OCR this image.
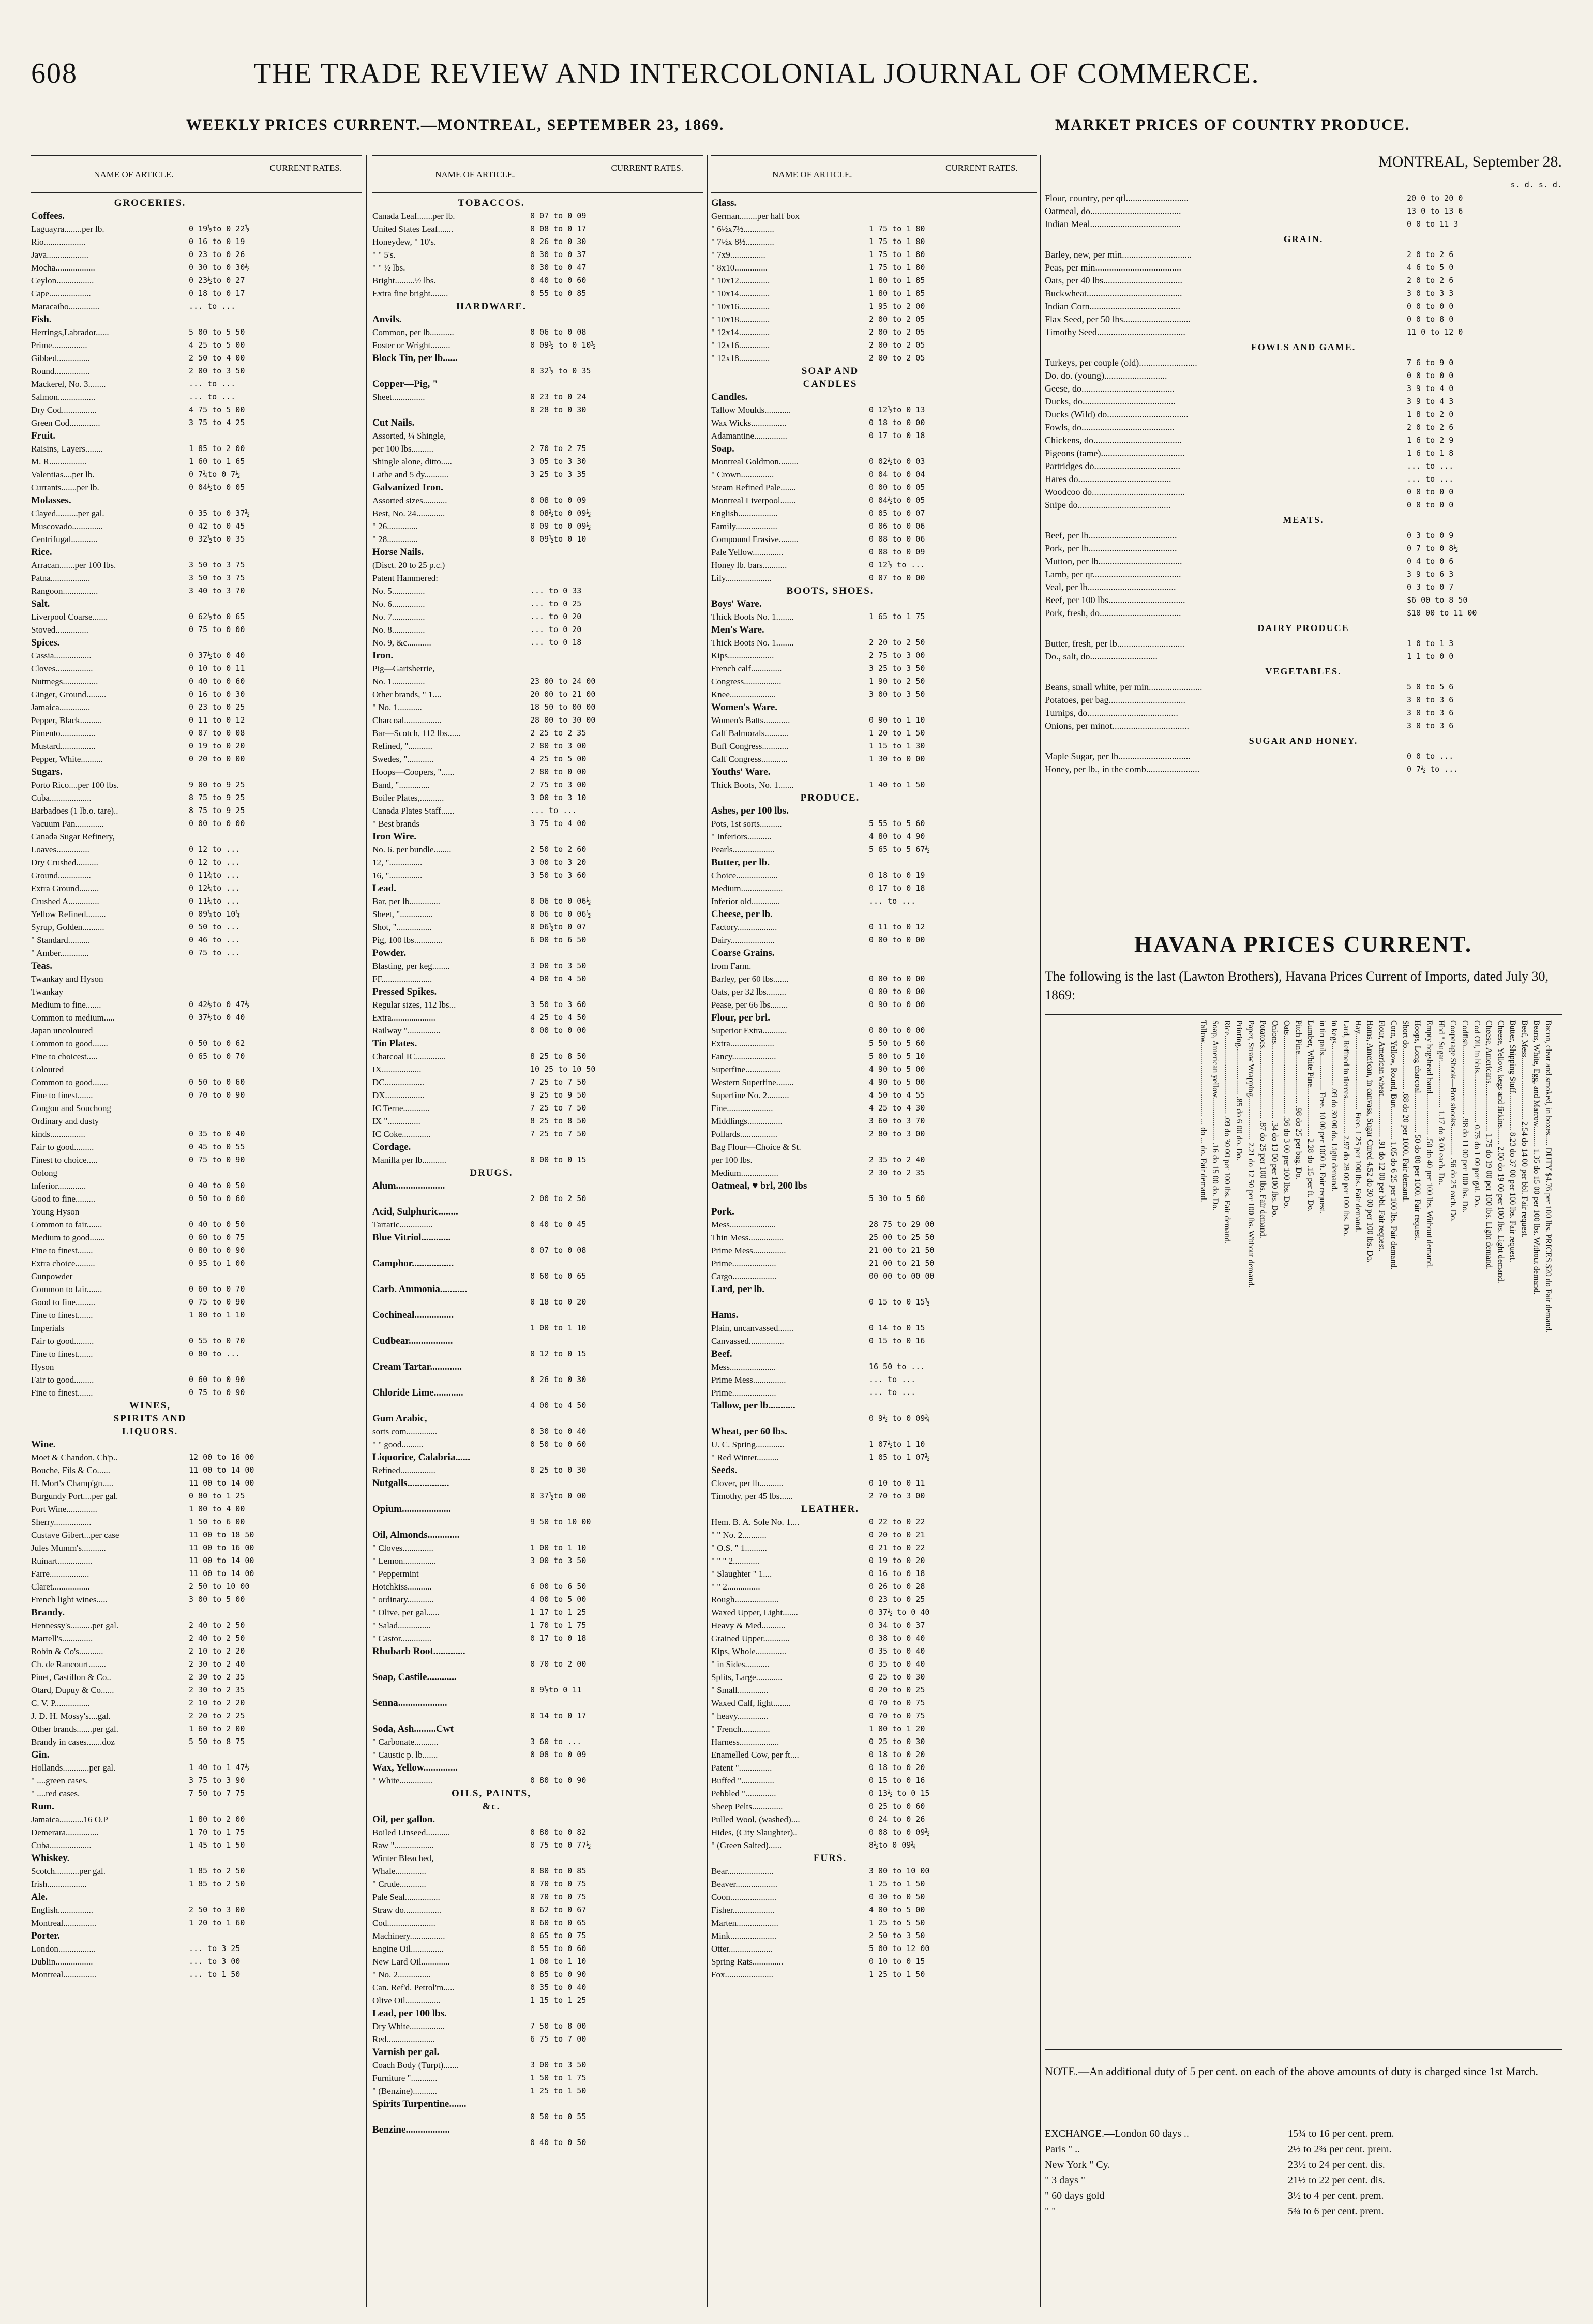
608	THE TRADE REVIEW AND INTERCOLONIAL JOURNAL OF COMMERCE.
WEEKLY PRICES CURRENT.—MONTREAL, SEPTEMBER 23, 1869.	MARKET PRICES OF COUNTRY PRODUCE.
NAME OF ARTICLE.
CURRENT RATES.
NAME OF ARTICLE.
CURRENT RATES.
NAME OF ARTICLE.
CURRENT RATES.
GROCERIES.
Coffees.
Laguayra........per lb.	0 19½to 0 22½
Rio...................	0 16 to 0 19
Java...................	0 23 to 0 26
Mocha..................	0 30 to 0 30½
Ceylon.................	0 23½to 0 27
Cape...................	0 18 to 0 17
Maracaibo..............	... to ...
Fish.
Herrings,Labrador......	5 00 to 5 50
Prime................	4 25 to 5 00
Gibbed...............	2 50 to 4 00
Round................	2 00 to 3 50
Mackerel, No. 3........	... to ...
Salmon.................	... to ...
Dry Cod................	4 75 to 5 00
Green Cod..............	3 75 to 4 25
Fruit.
Raisins, Layers........	1 85 to 2 00
M. R.................	1 60 to 1 65
Valentias....per lb.	0 7¼to 0 7½
Currants.......per lb.	0 04½to 0 05
Molasses.
Clayed..........per gal.	0 35 to 0 37½
Muscovado..............	0 42 to 0 45
Centrifugal............	0 32½to 0 35
Rice.
Arracan.......per 100 lbs.	3 50 to 3 75
Patna..................	3 50 to 3 75
Rangoon................	3 40 to 3 70
Salt.
Liverpool Coarse.......	0 62½to 0 65
Stoved...............	0 75 to 0 00
Spices.
Cassia.................	0 37½to 0 40
Cloves.................	0 10 to 0 11
Nutmegs................	0 40 to 0 60
Ginger, Ground.........	0 16 to 0 30
Jamaica..............	0 23 to 0 25
Pepper, Black..........	0 11 to 0 12
Pimento................	0 07 to 0 08
Mustard................	0 19 to 0 20
Pepper, White..........	0 20 to 0 00
Sugars.
Porto Rico....per 100 lbs.	9 00 to 9 25
Cuba...................	8 75 to 9 25
Barbadoes (1 lb.o. tare)..	8 75 to 9 25
Vacuum Pan.............	0 00 to 0 00
Canada Sugar Refinery,
Loaves...............	0 12 to ...
Dry Crushed..........	0 12 to ...
Ground...............	0 11¾to ...
Extra Ground.........	0 12¼to ...
Crushed A..............	0 11¼to ...
Yellow Refined.........	0 09¼to 10¼
Syrup, Golden..........	0 50 to ...
" Standard..........	0 46 to ...
" Amber.............	0 75 to ...
Teas.
Twankay and Hyson
Twankay
Medium to fine.......	0 42½to 0 47½
Common to medium.....	0 37½to 0 40
Japan uncoloured
Common to good.......	0 50 to 0 62
Fine to choicest.....	0 65 to 0 70
Coloured
Common to good.......	0 50 to 0 60
Fine to finest.......	0 70 to 0 90
Congou and Souchong
Ordinary and dusty
kinds................	0 35 to 0 40
Fair to good.........	0 45 to 0 55
Finest to choice.....	0 75 to 0 90
Oolong
Inferior.............	0 40 to 0 50
Good to fine.........	0 50 to 0 60
Young Hyson
Common to fair.......	0 40 to 0 50
Medium to good.......	0 60 to 0 75
Fine to finest.......	0 80 to 0 90
Extra choice.........	0 95 to 1 00
Gunpowder
Common to fair.......	0 60 to 0 70
Good to fine.........	0 75 to 0 90
Fine to finest.......	1 00 to 1 10
Imperials
Fair to good.........	0 55 to 0 70
Fine to finest.......	0 80 to ...
Hyson
Fair to good.........	0 60 to 0 90
Fine to finest.......	0 75 to 0 90
WINES,
SPIRITS AND
LIQUORS.
Wine.
Moet & Chandon, Ch'p..	12 00 to 16 00
Bouche, Fils & Co......	11 00 to 14 00
H. Mort's Champ'gn.....	11 00 to 14 00
Burgundy Port....per gal.	0 80 to 1 25
Port Wine..............	1 00 to 4 00
Sherry.................	1 50 to 6 00
Custave Gibert...per case	11 00 to 18 50
Jules Mumm's...........	11 00 to 16 00
Ruinart................	11 00 to 14 00
Farre..................	11 00 to 14 00
Claret.................	2 50 to 10 00
French light wines.....	3 00 to 5 00
Brandy.
Hennessy's..........per gal.	2 40 to 2 50
Martell's..............	2 40 to 2 50
Robin & Co's...........	2 10 to 2 20
Ch. de Rancourt........	2 30 to 2 40
Pinet, Castillon & Co..	2 30 to 2 35
Otard, Dupuy & Co......	2 30 to 2 35
C. V. P................	2 10 to 2 20
J. D. H. Mossy's....gal.	2 20 to 2 25
Other brands.......per gal.	1 60 to 2 00
Brandy in cases.......doz	5 50 to 8 75
Gin.
Hollands............per gal.	1 40 to 1 47½
" ....green cases.	3 75 to 3 90
" ....red cases.	7 50 to 7 75
Rum.
Jamaica...........16 O.P	1 80 to 2 00
Demerara...............	1 70 to 1 75
Cuba...................	1 45 to 1 50
Whiskey.
Scotch...........per gal.	1 85 to 2 50
Irish..................	1 85 to 2 50
Ale.
English................	2 50 to 3 00
Montreal...............	1 20 to 1 60
Porter.
London.................	... to 3 25
Dublin.................	... to 3 00
Montreal...............	... to 1 50
TOBACCOS.
Canada Leaf.......per lb.	0 07 to 0 09
United States Leaf.......	0 08 to 0 17
Honeydew, " 10's.	0 26 to 0 30
" " 5's.	0 30 to 0 37
" " ½ lbs.	0 30 to 0 47
Bright.........½ lbs.	0 40 to 0 60
Extra fine bright........	0 55 to 0 85
HARDWARE.
Anvils.
Common, per lb...........	0 06 to 0 08
Foster or Wright.........	0 09½ to 0 10½
Block Tin, per lb......
0 32½ to 0 35
Copper—Pig, "
Sheet...............	0 23 to 0 24
0 28 to 0 30
Cut Nails.
Assorted, ¼ Shingle,
per 100 lbs..........	2 70 to 2 75
Shingle alone, ditto.....	3 05 to 3 30
Lathe and 5 dy...........	3 25 to 3 35
Galvanized Iron.
Assorted sizes...........	0 08 to 0 09
Best, No. 24.............	0 08½to 0 09½
" 26..............	0 09 to 0 09½
" 28..............	0 09½to 0 10
Horse Nails.
(Disct. 20 to 25 p.c.)
Patent Hammered:
No. 5...............	... to 0 33
No. 6...............	... to 0 25
No. 7...............	... to 0 20
No. 8...............	... to 0 20
No. 9, &c...........	... to 0 18
Iron.
Pig—Gartsherrie,
No. 1...............	23 00 to 24 00
Other brands, " 1....	20 00 to 21 00
" No. 1...........	18 50 to 00 00
Charcoal.................	28 00 to 30 00
Bar—Scotch, 112 lbs......	2 25 to 2 35
Refined, "...........	2 80 to 3 00
Swedes, "............	4 25 to 5 00
Hoops—Coopers, "......	2 80 to 0 00
Band, "..............	2 75 to 3 00
Boiler Plates,...........	3 00 to 3 10
Canada Plates Staff......	... to ...
" Best brands	3 75 to 4 00
Iron Wire.
No. 6. per bundle........	2 50 to 2 60
12, "...............	3 00 to 3 20
16, "...............	3 50 to 3 60
Lead.
Bar, per lb..............	0 06 to 0 06½
Sheet, "...............	0 06 to 0 06½
Shot, "................	0 06½to 0 07
Pig, 100 lbs.............	6 00 to 6 50
Powder.
Blasting, per keg........	3 00 to 3 50
FF.......................	4 00 to 4 50
Pressed Spikes.
Regular sizes, 112 lbs...	3 50 to 3 60
Extra....................	4 25 to 4 50
Railway "...............	0 00 to 0 00
Tin Plates.
Charcoal IC..............	8 25 to 8 50
IX..................	10 25 to 10 50
DC..................	7 25 to 7 50
DX..................	9 25 to 9 50
IC Terne............	7 25 to 7 50
IX "...............	8 25 to 8 50
IC Coke.............	7 25 to 7 50
Cordage.
Manilla per lb...........	0 00 to 0 15
DRUGS.
Alum....................
2 00 to 2 50
Acid, Sulphuric........
Tartaric...............	0 40 to 0 45
Blue Vitriol............
0 07 to 0 08
Camphor.................
0 60 to 0 65
Carb. Ammonia...........
0 18 to 0 20
Cochineal................
1 00 to 1 10
Cudbear..................
0 12 to 0 15
Cream Tartar.............
0 26 to 0 30
Chloride Lime............
4 00 to 4 50
Gum Arabic,
sorts com..............	0 30 to 0 40
" " good..........	0 50 to 0 60
Liquorice, Calabria......
Refined................	0 25 to 0 30
Nutgalls.................
0 37½to 0 00
Opium....................
9 50 to 10 00
Oil, Almonds.............
" Cloves..............	1 00 to 1 10
" Lemon...............	3 00 to 3 50
" Peppermint
Hotchkiss...........	6 00 to 6 50
" ordinary............	4 00 to 5 00
" Olive, per gal......	1 17 to 1 25
" Salad...............	1 70 to 1 75
" Castor..............	0 17 to 0 18
Rhubarb Root.............
0 70 to 2 00
Soap, Castile............
0 9½to 0 11
Senna....................
0 14 to 0 17
Soda, Ash.........Cwt
" Carbonate...........	3 60 to ...
" Caustic p. lb.......	0 08 to 0 09
Wax, Yellow..............
" White...............	0 80 to 0 90
OILS, PAINTS,
&c.
Oil, per gallon.
Boiled Linseed...........	0 80 to 0 82
Raw "..................	0 75 to 0 77½
Winter Bleached,
Whale..............	0 80 to 0 85
" Crude............	0 70 to 0 75
Pale Seal................	0 70 to 0 75
Straw do.................	0 62 to 0 67
Cod......................	0 60 to 0 65
Machinery................	0 65 to 0 75
Engine Oil...............	0 55 to 0 60
New Lard Oil.............	1 00 to 1 10
" No. 2...............	0 85 to 0 90
Can. Ref'd. Petrol'm.....	0 35 to 0 40
Olive Oil................	1 15 to 1 25
Lead, per 100 lbs.
Dry White................	7 50 to 8 00
Red......................	6 75 to 7 00
Varnish per gal.
Coach Body (Turpt).......	3 00 to 3 50
Furniture "............	1 50 to 1 75
" (Benzine)...........	1 25 to 1 50
Spirits Turpentine.......
0 50 to 0 55
Benzine..................
0 40 to 0 50
Glass.
German........per half box
" 6½x7½..............	1 75 to 1 80
" 7½x 8½.............	1 75 to 1 80
" 7x9................	1 75 to 1 80
" 8x10...............	1 75 to 1 80
" 10x12..............	1 80 to 1 85
" 10x14..............	1 80 to 1 85
" 10x16..............	1 95 to 2 00
" 10x18..............	2 00 to 2 05
" 12x14..............	2 00 to 2 05
" 12x16..............	2 00 to 2 05
" 12x18..............	2 00 to 2 05
SOAP AND
CANDLES
Candles.
Tallow Moulds............	0 12½to 0 13
Wax Wicks................	0 18 to 0 00
Adamantine...............	0 17 to 0 18
Soap.
Montreal Goldmon.........	0 02½to 0 03
" Crown...............	0 04 to 0 04
Steam Refined Pale.......	0 00 to 0 05
Montreal Liverpool.......	0 04½to 0 05
English..................	0 05 to 0 07
Family...................	0 06 to 0 06
Compound Erasive.........	0 08 to 0 06
Pale Yellow..............	0 08 to 0 09
Honey lb. bars...........	0 12½ to ...
Lily.....................	0 07 to 0 00
BOOTS, SHOES.
Boys' Ware.
Thick Boots No. 1........	1 65 to 1 75
Men's Ware.
Thick Boots No. 1........	2 20 to 2 50
Kips.....................	2 75 to 3 00
French calf..............	3 25 to 3 50
Congress.................	1 90 to 2 50
Knee.....................	3 00 to 3 50
Women's Ware.
Women's Batts............	0 90 to 1 10
Calf Balmorals...........	1 20 to 1 50
Buff Congress............	1 15 to 1 30
Calf Congress............	1 30 to 0 00
Youths' Ware.
Thick Boots, No. 1.......	1 40 to 1 50
PRODUCE.
Ashes, per 100 lbs.
Pots, 1st sorts..........	5 55 to 5 60
" Inferiors...........	4 80 to 4 90
Pearls...................	5 65 to 5 67½
Butter, per lb.
Choice...................	0 18 to 0 19
Medium...................	0 17 to 0 18
Inferior old.............	... to ...
Cheese, per lb.
Factory..................	0 11 to 0 12
Dairy....................	0 00 to 0 00
Coarse Grains.
from Farm.
Barley, per 60 lbs.......	0 00 to 0 00
Oats, per 32 lbs.........	0 00 to 0 00
Pease, per 66 lbs........	0 90 to 0 00
Flour, per brl.
Superior Extra...........	0 00 to 0 00
Extra....................	5 50 to 5 60
Fancy....................	5 00 to 5 10
Superfine................	4 90 to 5 00
Western Superfine........	4 90 to 5 00
Superfine No. 2..........	4 50 to 4 55
Fine.....................	4 25 to 4 30
Middlings................	3 60 to 3 70
Pollards.................	2 80 to 3 00
Bag Flour—Choice & St.
per 100 lbs.	2 35 to 2 40
Medium.................	2 30 to 2 35
Oatmeal, ♥ brl, 200 lbs
5 30 to 5 60
Pork.
Mess.....................	28 75 to 29 00
Thin Mess................	25 00 to 25 50
Prime Mess...............	21 00 to 21 50
Prime....................	21 00 to 21 50
Cargo....................	00 00 to 00 00
Lard, per lb.
0 15 to 0 15½
Hams.
Plain, uncanvassed.......	0 14 to 0 15
Canvassed................	0 15 to 0 16
Beef.
Mess.....................	16 50 to ...
Prime Mess...............	... to ...
Prime....................	... to ...
Tallow, per lb...........
0 9½ to 0 09¾
Wheat, per 60 lbs.
U. C. Spring.............	1 07½to 1 10
" Red Winter..........	1 05 to 1 07½
Seeds.
Clover, per lb...........	0 10 to 0 11
Timothy, per 45 lbs......	2 70 to 3 00
LEATHER.
Hem. B. A. Sole No. 1....	0 22 to 0 22
" " No. 2...........	0 20 to 0 21
" O.S. " 1..........	0 21 to 0 22
" " " 2............	0 19 to 0 20
" Slaughter " 1....	0 16 to 0 18
" " 2...............	0 26 to 0 28
Rough....................	0 23 to 0 25
Waxed Upper, Light.......	0 37½ to 0 40
Heavy & Med...........	0 34 to 0 37
Grained Upper............	0 38 to 0 40
Kips, Whole..............	0 35 to 0 40
" in Sides...........	0 35 to 0 40
Splits, Large............	0 25 to 0 30
" Small..............	0 20 to 0 25
Waxed Calf, light........	0 70 to 0 75
" heavy..............	0 70 to 0 75
" French.............	1 00 to 1 20
Harness..................	0 25 to 0 30
Enamelled Cow, per ft....	0 18 to 0 20
Patent "...............	0 18 to 0 20
Buffed "...............	0 15 to 0 16
Pebbled "..............	0 13½ to 0 15
Sheep Pelts..............	0 25 to 0 60
Pulled Wool, (washed)....	0 24 to 0 26
Hides, (City Slaughter)..	0 08 to 0 09½
" (Green Salted)......	8½to 0 09¼
FURS.
Bear.....................	3 00 to 10 00
Beaver...................	1 25 to 1 50
Coon.....................	0 30 to 0 50
Fisher...................	4 00 to 5 00
Marten...................	1 25 to 5 50
Mink.....................	2 50 to 3 50
Otter....................	5 00 to 12 00
Spring Rats..............	0 10 to 0 15
Fox......................	1 25 to 1 50
MONTREAL, September 28.
s. d. s. d.
Flour, country, per qtl...........................	20 0 to 20 0
Oatmeal, do.......................................	13 0 to 13 6
Indian Meal.......................................	0 0 to 11 3
GRAIN.
Barley, new, per min..............................	2 0 to 2 6
Peas, per min.....................................	4 6 to 5 0
Oats, per 40 lbs..................................	2 0 to 2 6
Buckwheat.........................................	3 0 to 3 3
Indian Corn.......................................	0 0 to 0 0
Flax Seed, per 50 lbs.............................	0 0 to 8 0
Timothy Seed......................................	11 0 to 12 0
FOWLS AND GAME.
Turkeys, per couple (old).........................	7 6 to 9 0
Do. do. (young)...........................	0 0 to 0 0
Geese, do........................................	3 9 to 4 0
Ducks, do........................................	3 9 to 4 3
Ducks (Wild) do...................................	1 8 to 2 0
Fowls, do........................................	2 0 to 2 6
Chickens, do......................................	1 6 to 2 9
Pigeons (tame)....................................	1 6 to 1 8
Partridges do.....................................	... to ...
Hares do........................................	... to ...
Woodcoo do........................................	0 0 to 0 0
Snipe do........................................	0 0 to 0 0
MEATS.
Beef, per lb......................................	0 3 to 0 9
Pork, per lb......................................	0 7 to 0 8½
Mutton, per lb....................................	0 4 to 0 6
Lamb, per qr......................................	3 9 to 6 3
Veal, per lb......................................	0 3 to 0 7
Beef, per 100 lbs.................................	$6 00 to 8 50
Pork, fresh, do...................................	$10 00 to 11 00
DAIRY PRODUCE
Butter, fresh, per lb.............................	1 0 to 1 3
Do., salt, do.............................	1 1 to 0 0
VEGETABLES.
Beans, small white, per min.......................	5 0 to 5 6
Potatoes, per bag.................................	3 0 to 3 6
Turnips, do.......................................	3 0 to 3 6
Onions, per minot.................................	3 0 to 3 6
SUGAR AND HONEY.
Maple Sugar, per lb...............................	0 0 to ...
Honey, per lb., in the comb.......................	0 7½ to ...
HAVANA PRICES CURRENT.
The following is the last (Lawton Brothers), Havana Prices Current of Imports, dated July 30, 1869:
Bacon, clear and smoked, in boxes..... DUTY $4.76 per 100 lbs. PRICES $20 do Fair demand.
Beans, White, Egg, and Marrow.......... 1.35 do 15 00 per 100 lbs. Without demand.
Beef, Mess.............................. 2.54 do 14 00 per bbl. Fair request.
Butter, Shipping Stuff.................. 8.23 do 37 00 per 100 lbs. Fair request.
Cheese, Yellow, kegs and firkins........ 2.00 do 19 00 per 100 lbs. Light demand.
Cheese, Americans....................... 1.75 do 19 00 per 100 lbs. Light demand.
Cod Oil, in bbls........................ 0.75 do 1 00 per gal. Do.
Codfish................................. .98 do 11 00 per 100 lbs. Do.
Cooperage Shook—Box shooks.............. .56 do 25 each. Do.
Hhd '' Sugar....................... 1.17 do 3 00 each. Do.
Empty hogshead band.................... .50 do 40 per 100 lbs. Without demand.
Hoops, Long charcoal................... 50 do 80 per 1000. Fair request.
Short do.................... .68 do 20 per 1000. Fair demand.
Corn, Yellow, Round, Burt............... 1.05 do 6 25 per 100 lbs. Fair demand.
Flour, American wheat.................... .91 do 12 00 per bbl. Fair request.
Hams, American, in canvass, Sugar Cured 4.52 do 30 00 per 100 lbs. Do.
Hay..................................... Free. 1 25 per 100 lbs. Fair demand.
Lard, Refined in tierces................. 2.97 do 28 00 per 100 lbs. Do.
in kegs.................... .09 do 30 00 do. Light demand.
in tin pails................. Free. 10 00 per 1000 ft. Fair request.
Lumber, White Pine........................ 2.28 do .15 per ft. Do.
Pitch Pine........................ .98 do 25 per bag. Do.
Oats...................................... .36 do 3 00 per 100 lbs. Do.
Onions.................................... .34 do 13 00 per 100 lbs. Do.
Potatoes.................................. .87 do 25 per 100 lbs. Fair demand.
Paper, Straw Wrapping..................... 2.21 do 12 50 per 100 lbs. Without demand.
Printing....................... .85 do 6 00 do. Do.
Rice...................................... .09 do 30 00 per 100 lbs. Fair demand.
Soap, American yellow..................... .16 do 15 00 do. Do.
Tallow.................................... ... do ... do. Fair demand.
NOTE.—An additional duty of 5 per cent. on each of the above amounts of duty is charged since 1st March.
EXCHANGE.—London 60 days ..	15¾ to 16 per cent. prem.
Paris " ..	2½ to 2¾ per cent. prem.
New York " Cy.	23½ to 24 per cent. dis.
" 3 days "	21½ to 22 per cent. dis.
" 60 days gold	3½ to 4 per cent. prem.
" "	5¾ to 6 per cent. prem.
